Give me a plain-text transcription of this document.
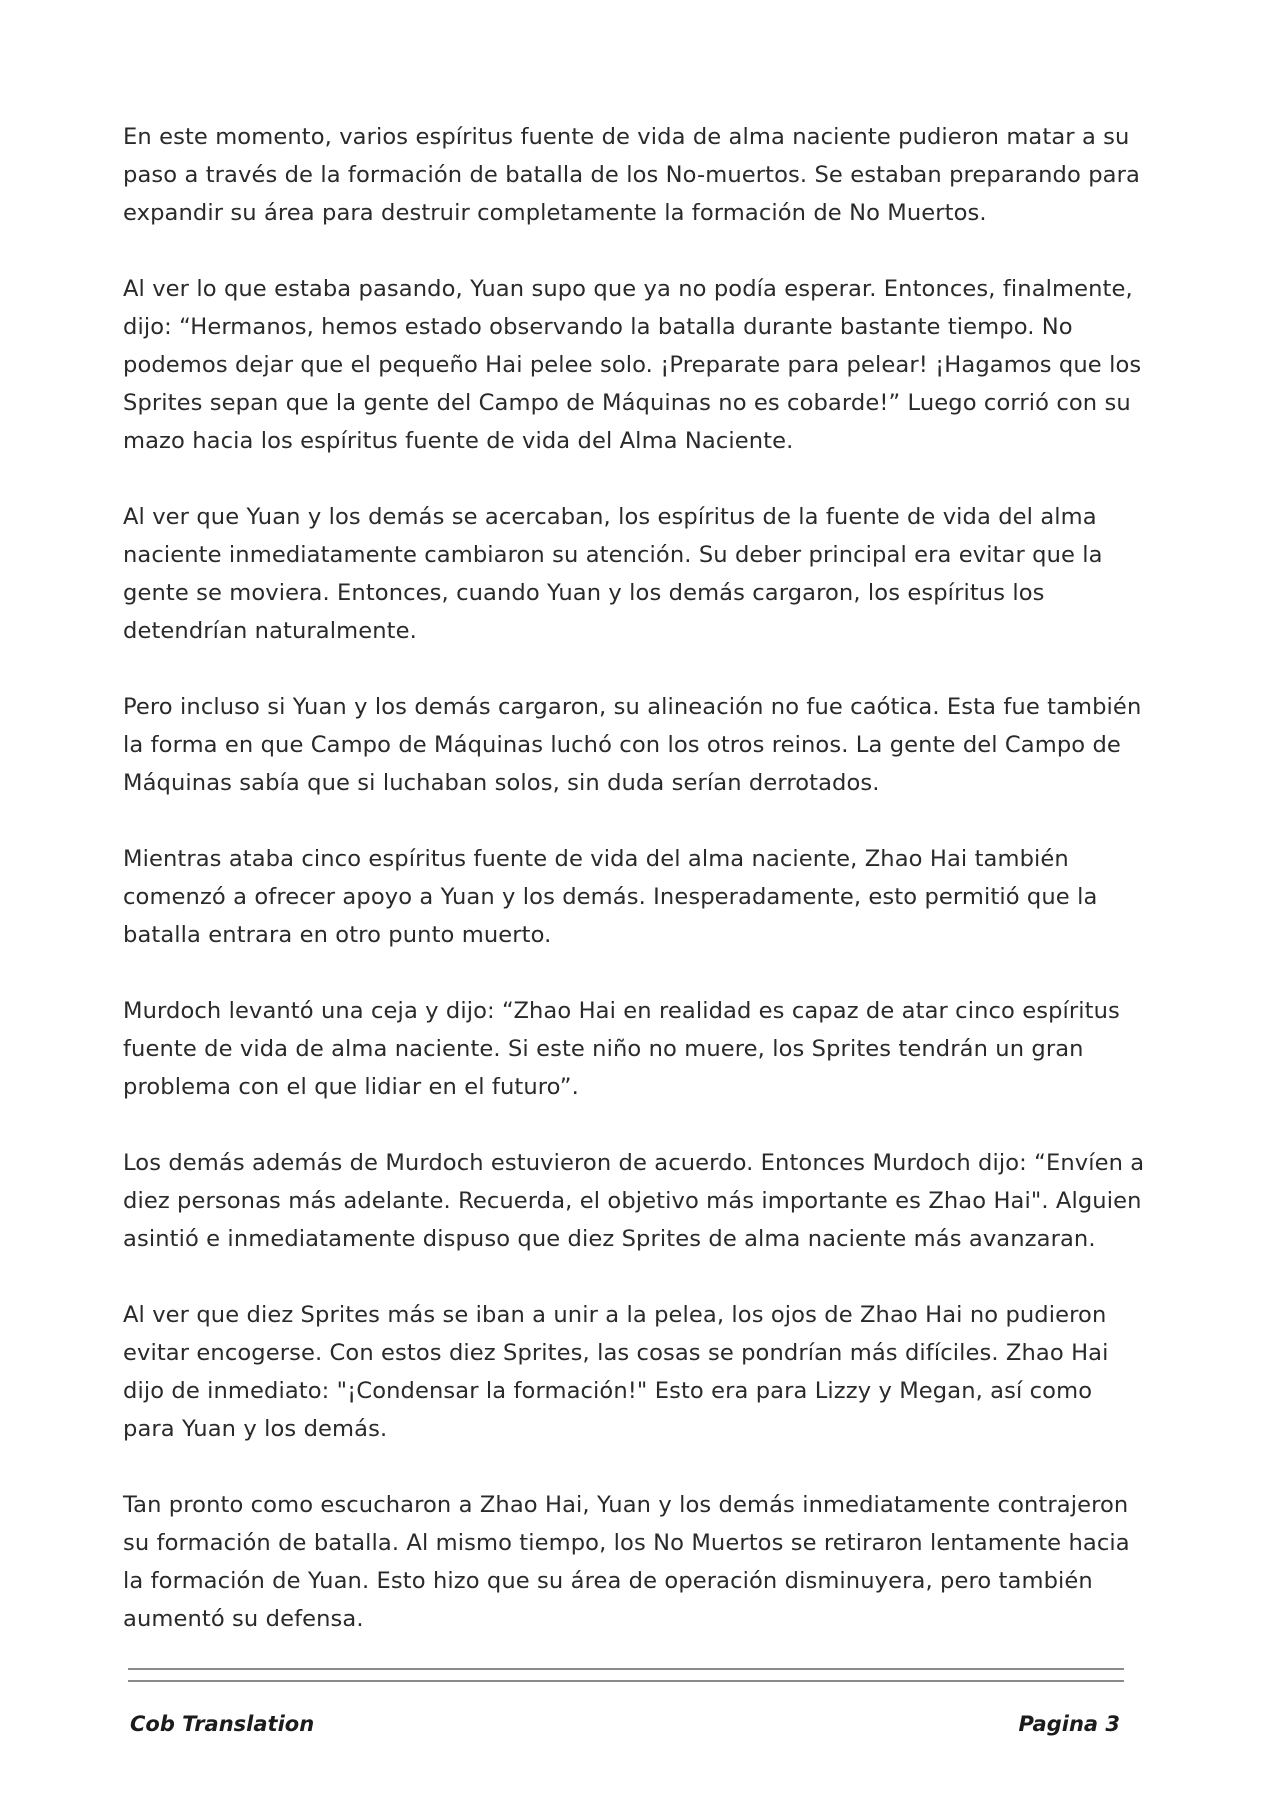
En este momento, varios espíritus fuente de vida de alma naciente pudieron matar a su paso a través de la formación de batalla de los No-muertos. Se estaban preparando para expandir su área para destruir completamente la formación de No Muertos.

Al ver lo que estaba pasando, Yuan supo que ya no podía esperar. Entonces, finalmente, dijo: “Hermanos, hemos estado observando la batalla durante bastante tiempo. No podemos dejar que el pequeño Hai pelee solo. ¡Preparate para pelear! ¡Hagamos que los Sprites sepan que la gente del Campo de Máquinas no es cobarde!” Luego corrió con su mazo hacia los espíritus fuente de vida del Alma Naciente.

Al ver que Yuan y los demás se acercaban, los espíritus de la fuente de vida del alma naciente inmediatamente cambiaron su atención. Su deber principal era evitar que la gente se moviera. Entonces, cuando Yuan y los demás cargaron, los espíritus los detendrían naturalmente.

Pero incluso si Yuan y los demás cargaron, su alineación no fue caótica. Esta fue también la forma en que Campo de Máquinas luchó con los otros reinos. La gente del Campo de Máquinas sabía que si luchaban solos, sin duda serían derrotados.

Mientras ataba cinco espíritus fuente de vida del alma naciente, Zhao Hai también comenzó a ofrecer apoyo a Yuan y los demás. Inesperadamente, esto permitió que la batalla entrara en otro punto muerto.

Murdoch levantó una ceja y dijo: “Zhao Hai en realidad es capaz de atar cinco espíritus fuente de vida de alma naciente. Si este niño no muere, los Sprites tendrán un gran problema con el que lidiar en el futuro”.

Los demás además de Murdoch estuvieron de acuerdo. Entonces Murdoch dijo: “Envíen a diez personas más adelante. Recuerda, el objetivo más importante es Zhao Hai". Alguien asintió e inmediatamente dispuso que diez Sprites de alma naciente más avanzaran.

Al ver que diez Sprites más se iban a unir a la pelea, los ojos de Zhao Hai no pudieron evitar encogerse. Con estos diez Sprites, las cosas se pondrían más difíciles. Zhao Hai dijo de inmediato: "¡Condensar la formación!" Esto era para Lizzy y Megan, así como para Yuan y los demás.

Tan pronto como escucharon a Zhao Hai, Yuan y los demás inmediatamente contrajeron su formación de batalla. Al mismo tiempo, los No Muertos se retiraron lentamente hacia la formación de Yuan. Esto hizo que su área de operación disminuyera, pero también aumentó su defensa.

Cob Translation	Pagina 3
